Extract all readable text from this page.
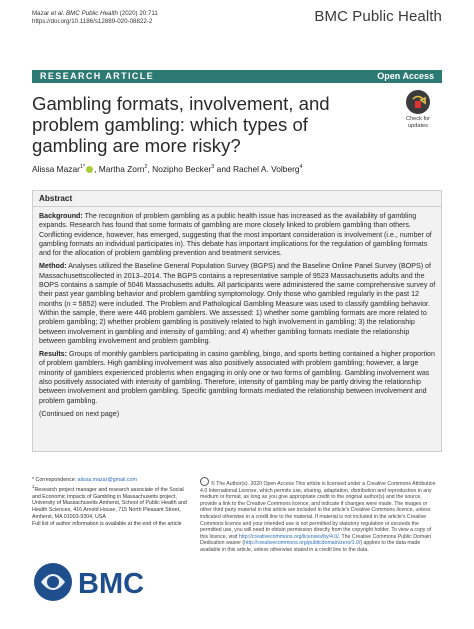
Mazar et al. BMC Public Health (2020) 20:711
https://doi.org/10.1186/s12889-020-08822-2	BMC Public Health
RESEARCH ARTICLE	Open Access
Gambling formats, involvement, and problem gambling: which types of gambling are more risky?
Check for
updates
Alissa Mazar$^{1*}$ , Martha Zorn$^2$, Nozipho Becker$^3$ and Rachel A. Volberg$^4$
Abstract

Background: The recognition of problem gambling as a public health issue has increased as the availability of gambling expands. Research has found that some formats of gambling are more closely linked to problem gambling than others. Conflicting evidence, however, has emerged, suggesting that the most important consideration is involvement (i.e., number of gambling formats an individual participates in). This debate has important implications for the regulation of gambling formats and for the allocation of problem gambling prevention and treatment services.

Method: Analyses utilized the Baseline General Population Survey (BGPS) and the Baseline Online Panel Survey (BOPS) of Massachusettscollected in 2013–2014. The BGPS contains a representative sample of 9523 Massachusetts adults and the BOPS contains a sample of 5046 Massachusetts adults. All participants were administered the same comprehensive survey of their past year gambling behavior and problem gambling symptomology. Only those who gambled regularly in the past 12 months (n = 5852) were included. The Problem and Pathological Gambling Measure was used to classify gambling behavior. Within the sample, there were 446 problem gamblers. We assessed: 1) whether some gambling formats are more related to problem gambling; 2) whether problem gambling is positively related to high involvement in gambling; 3) the relationship between involvement in gambling and intensity of gambling; and 4) whether gambling formats mediate the relationship between gambling involvement and problem gambling.

Results: Groups of monthly gamblers participating in casino gambling, bingo, and sports betting contained a higher proportion of problem gamblers. High gambling involvement was also positively associated with problem gambling; however, a large minority of gamblers experienced problems when engaging in only one or two forms of gambling. Gambling involvement was also positively associated with intensity of gambling. Therefore, intensity of gambling may be partly driving the relationship between involvement and problem gambling. Specific gambling formats mediated the relationship between involvement and problem gambling.

(Continued on next page)

* Correspondence: alissa.mazar@gmail.com

$^1$Research project manager and research associate of the Social and Economic Impacts of Gambling in Massachusetts project, University of Massachusetts Amherst, School of Public Health and Health Sciences, 416 Arnold House, 715 North Pleasant Street, Amherst, MA 01003-9304, USA

Full list of author information is available at the end of the article

BMC
© The Author(s). 2020 Open Access This article is licensed under a Creative Commons Attribution 4.0 International License, which permits use, sharing, adaptation, distribution and reproduction in any medium or format, as long as you give appropriate credit to the original author(s) and the source, provide a link to the Creative Commons licence, and indicate if changes were made. The images or other third party material in this article are included in the article's Creative Commons licence, unless indicated otherwise in a credit line to the material. If material is not included in the article's Creative Commons licence and your intended use is not permitted by statutory regulation or exceeds the permitted use, you will need to obtain permission directly from the copyright holder. To view a copy of this licence, visit http://creativecommons.org/licenses/by/4.0/. The Creative Commons Public Domain Dedication waiver (http://creativecommons.org/publicdomain/zero/1.0/) applies to the data made available in this article, unless otherwise stated in a credit line to the data.
